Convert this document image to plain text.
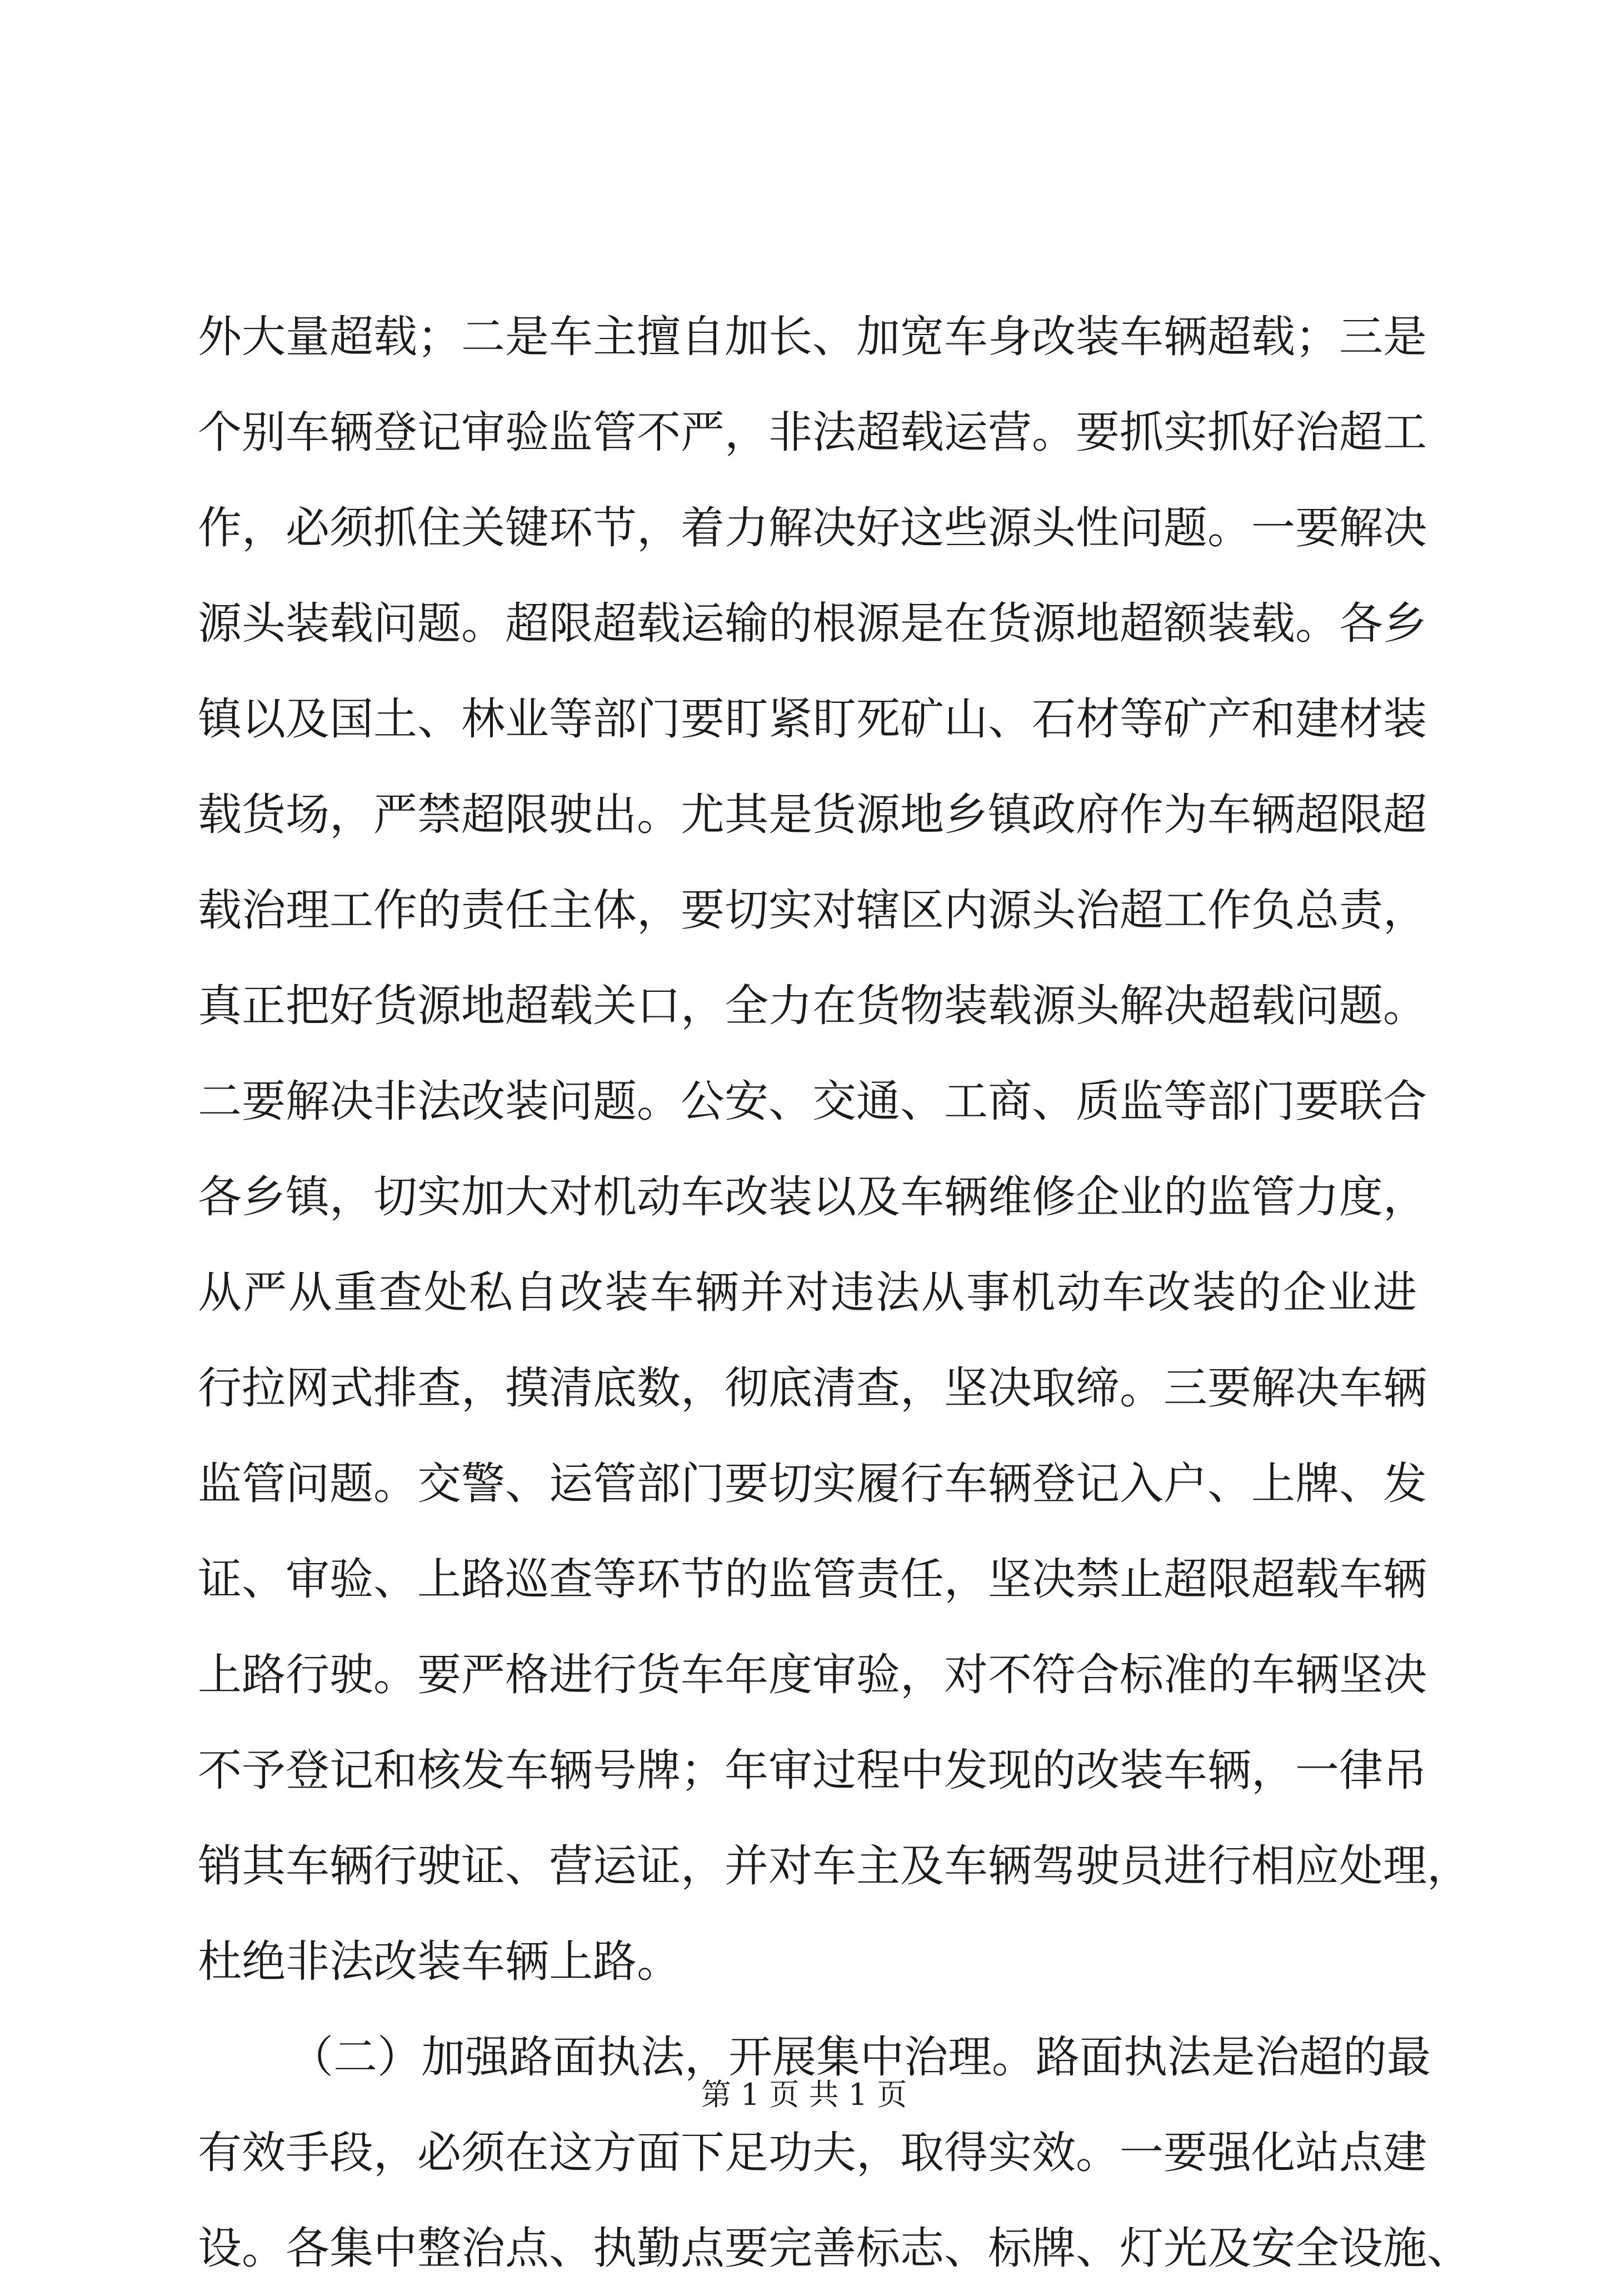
外大量超载；二是车主擅自加长、加宽车身改装车辆超载；三是
个别车辆登记审验监管不严，非法超载运营。要抓实抓好治超工
作，必须抓住关键环节，着力解决好这些源头性问题。一要解决
源头装载问题。超限超载运输的根源是在货源地超额装载。各乡
镇以及国土、林业等部门要盯紧盯死矿山、石材等矿产和建材装
载货场，严禁超限驶出。尤其是货源地乡镇政府作为车辆超限超
载治理工作的责任主体，要切实对辖区内源头治超工作负总责，
真正把好货源地超载关口，全力在货物装载源头解决超载问题。
二要解决非法改装问题。公安、交通、工商、质监等部门要联合
各乡镇，切实加大对机动车改装以及车辆维修企业的监管力度，
从严从重查处私自改装车辆并对违法从事机动车改装的企业进
行拉网式排查，摸清底数，彻底清查，坚决取缔。三要解决车辆
监管问题。交警、运管部门要切实履行车辆登记入户、上牌、发
证、审验、上路巡查等环节的监管责任，坚决禁止超限超载车辆
上路行驶。要严格进行货车年度审验，对不符合标准的车辆坚决
不予登记和核发车辆号牌；年审过程中发现的改装车辆，一律吊
销其车辆行驶证、营运证，并对车主及车辆驾驶员进行相应处理，
杜绝非法改装车辆上路。
（二）加强路面执法，开展集中治理。路面执法是治超的最
有效手段，必须在这方面下足功夫，取得实效。一要强化站点建
设。各集中整治点、执勤点要完善标志、标牌、灯光及安全设施、
第 1 页 共 1 页
